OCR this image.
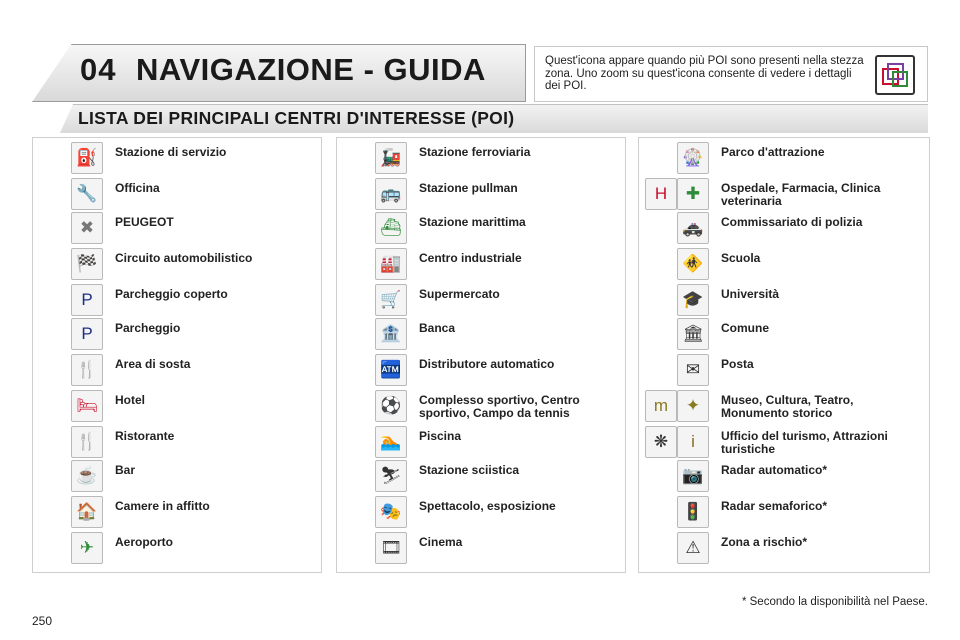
04 NAVIGAZIONE - GUIDA	Quest'icona appare quando più POI sono presenti nella stezza zona. Uno zoom su quest'icona consente di vedere i dettagli dei POI.
LISTA DEI PRINCIPALI CENTRI D'INTERESSE (POI)
⛽	Stazione di servizio
🔧	Officina
✖	PEUGEOT
🏁	Circuito automobilistico
P	Parcheggio coperto
P	Parcheggio
🍴	Area di sosta
🛏	Hotel
🍴	Ristorante
☕	Bar
🏠	Camere in affitto
✈	Aeroporto
🚂	Stazione ferroviaria
🚌	Stazione pullman
⛴	Stazione marittima
🏭	Centro industriale
🛒	Supermercato
🏦	Banca
🏧	Distributore automatico
⚽	Complesso sportivo, Centro sportivo, Campo da tennis
🏊	Piscina
⛷	Stazione sciistica
🎭	Spettacolo, esposizione
🎞	Cinema
🎡	Parco d'attrazione
H	✚	Ospedale, Farmacia, Clinica veterinaria
🚓	Commissariato di polizia
🚸	Scuola
🎓	Università
🏛	Comune
✉	Posta
m	✦	Museo, Cultura, Teatro, Monumento storico
❋	i	Ufficio del turismo, Attrazioni turistiche
📷	Radar automatico*
🚦	Radar semaforico*
⚠	Zona a rischio*
* Secondo la disponibilità nel Paese.
250
